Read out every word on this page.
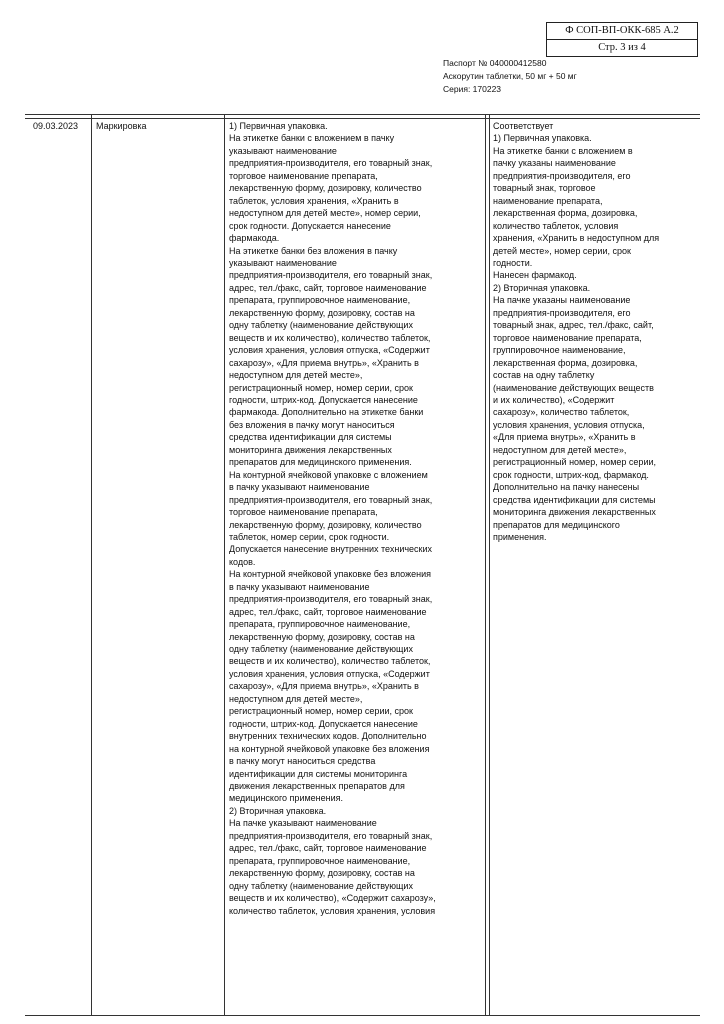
Ф СОП-ВП-ОКК-685 А.2
Стр. 3 из 4
Паспорт № 040000412580
Аскорутин таблетки, 50 мг + 50 мг
Серия: 170223
09.03.2023	Маркировка	1) Первичная упаковка.
На этикетке банки с вложением в пачку
указывают наименование
предприятия-производителя, его товарный знак,
торговое наименование препарата,
лекарственную форму, дозировку, количество
таблеток, условия хранения, «Хранить в
недоступном для детей месте», номер серии,
срок годности. Допускается нанесение
фармакода.
На этикетке банки без вложения в пачку
указывают наименование
предприятия-производителя, его товарный знак,
адрес, тел./факс, сайт, торговое наименование
препарата, группировочное наименование,
лекарственную форму, дозировку, состав на
одну таблетку (наименование действующих
веществ и их количество), количество таблеток,
условия хранения, условия отпуска, «Содержит
сахарозу», «Для приема внутрь», «Хранить в
недоступном для детей месте»,
регистрационный номер, номер серии, срок
годности, штрих-код. Допускается нанесение
фармакода. Дополнительно на этикетке банки
без вложения в пачку могут наноситься
средства идентификации для системы
мониторинга движения лекарственных
препаратов для медицинского применения.
На контурной ячейковой упаковке с вложением
в пачку указывают наименование
предприятия-производителя, его товарный знак,
торговое наименование препарата,
лекарственную форму, дозировку, количество
таблеток, номер серии, срок годности.
Допускается нанесение внутренних технических
кодов.
На контурной ячейковой упаковке без вложения
в пачку указывают наименование
предприятия-производителя, его товарный знак,
адрес, тел./факс, сайт, торговое наименование
препарата, группировочное наименование,
лекарственную форму, дозировку, состав на
одну таблетку (наименование действующих
веществ и их количество), количество таблеток,
условия хранения, условия отпуска, «Содержит
сахарозу», «Для приема внутрь», «Хранить в
недоступном для детей месте»,
регистрационный номер, номер серии, срок
годности, штрих-код. Допускается нанесение
внутренних технических кодов. Дополнительно
на контурной ячейковой упаковке без вложения
в пачку могут наноситься средства
идентификации для системы мониторинга
движения лекарственных препаратов для
медицинского применения.
2) Вторичная упаковка.
На пачке указывают наименование
предприятия-производителя, его товарный знак,
адрес, тел./факс, сайт, торговое наименование
препарата, группировочное наименование,
лекарственную форму, дозировку, состав на
одну таблетку (наименование действующих
веществ и их количество), «Содержит сахарозу»,
количество таблеток, условия хранения, условия
Соответствует
1) Первичная упаковка.
На этикетке банки с вложением в
пачку указаны наименование
предприятия-производителя, его
товарный знак, торговое
наименование препарата,
лекарственная форма, дозировка,
количество таблеток, условия
хранения, «Хранить в недоступном для
детей месте», номер серии, срок
годности.
Нанесен фармакод.
2) Вторичная упаковка.
На пачке указаны наименование
предприятия-производителя, его
товарный знак, адрес, тел./факс, сайт,
торговое наименование препарата,
группировочное наименование,
лекарственная форма, дозировка,
состав на одну таблетку
(наименование действующих веществ
и их количество), «Содержит
сахарозу», количество таблеток,
условия хранения, условия отпуска,
«Для приема внутрь», «Хранить в
недоступном для детей месте»,
регистрационный номер, номер серии,
срок годности, штрих-код, фармакод.
Дополнительно на пачку нанесены
средства идентификации для системы
мониторинга движения лекарственных
препаратов для медицинского
применения.
